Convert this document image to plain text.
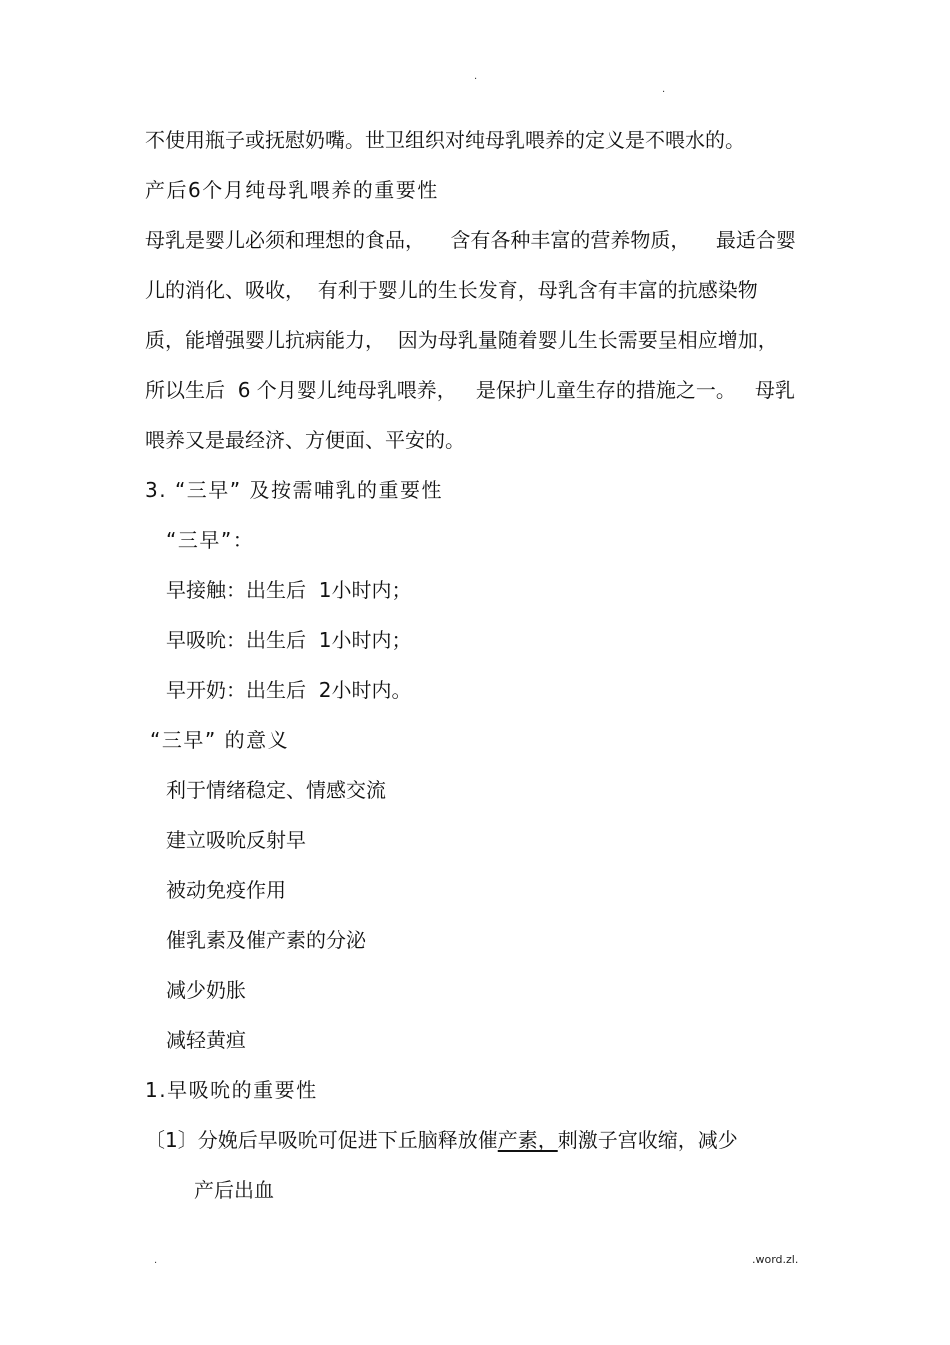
.
.
不使用瓶子或抚慰奶嘴。世卫组织对纯母乳喂养的定义是不喂水的。
产后6个月纯母乳喂养的重要性
母乳是婴儿必须和理想的食品，    含有各种丰富的营养物质，    最适合婴
儿的消化、吸收，  有利于婴儿的生长发育，母乳含有丰富的抗感染物
质，能增强婴儿抗病能力，  因为母乳量随着婴儿生长需要呈相应增加，
所以生后  6 个月婴儿纯母乳喂养，   是保护儿童生存的措施之一。   母乳
喂养又是最经济、方便面、平安的。
3. “三早” 及按需哺乳的重要性
“三早”：
早接触：出生后  1小时内；
早吸吮：出生后  1小时内；
早开奶：出生后  2小时内。
“三早” 的意义
利于情绪稳定、情感交流
建立吸吮反射早
被动免疫作用
催乳素及催产素的分泌
减少奶胀
减轻黄疸
1.早吸吮的重要性
〔1〕分娩后早吸吮可促进下丘脑释放催产素，刺激子宫收缩，减少
产后出血
.	.word.zl.
